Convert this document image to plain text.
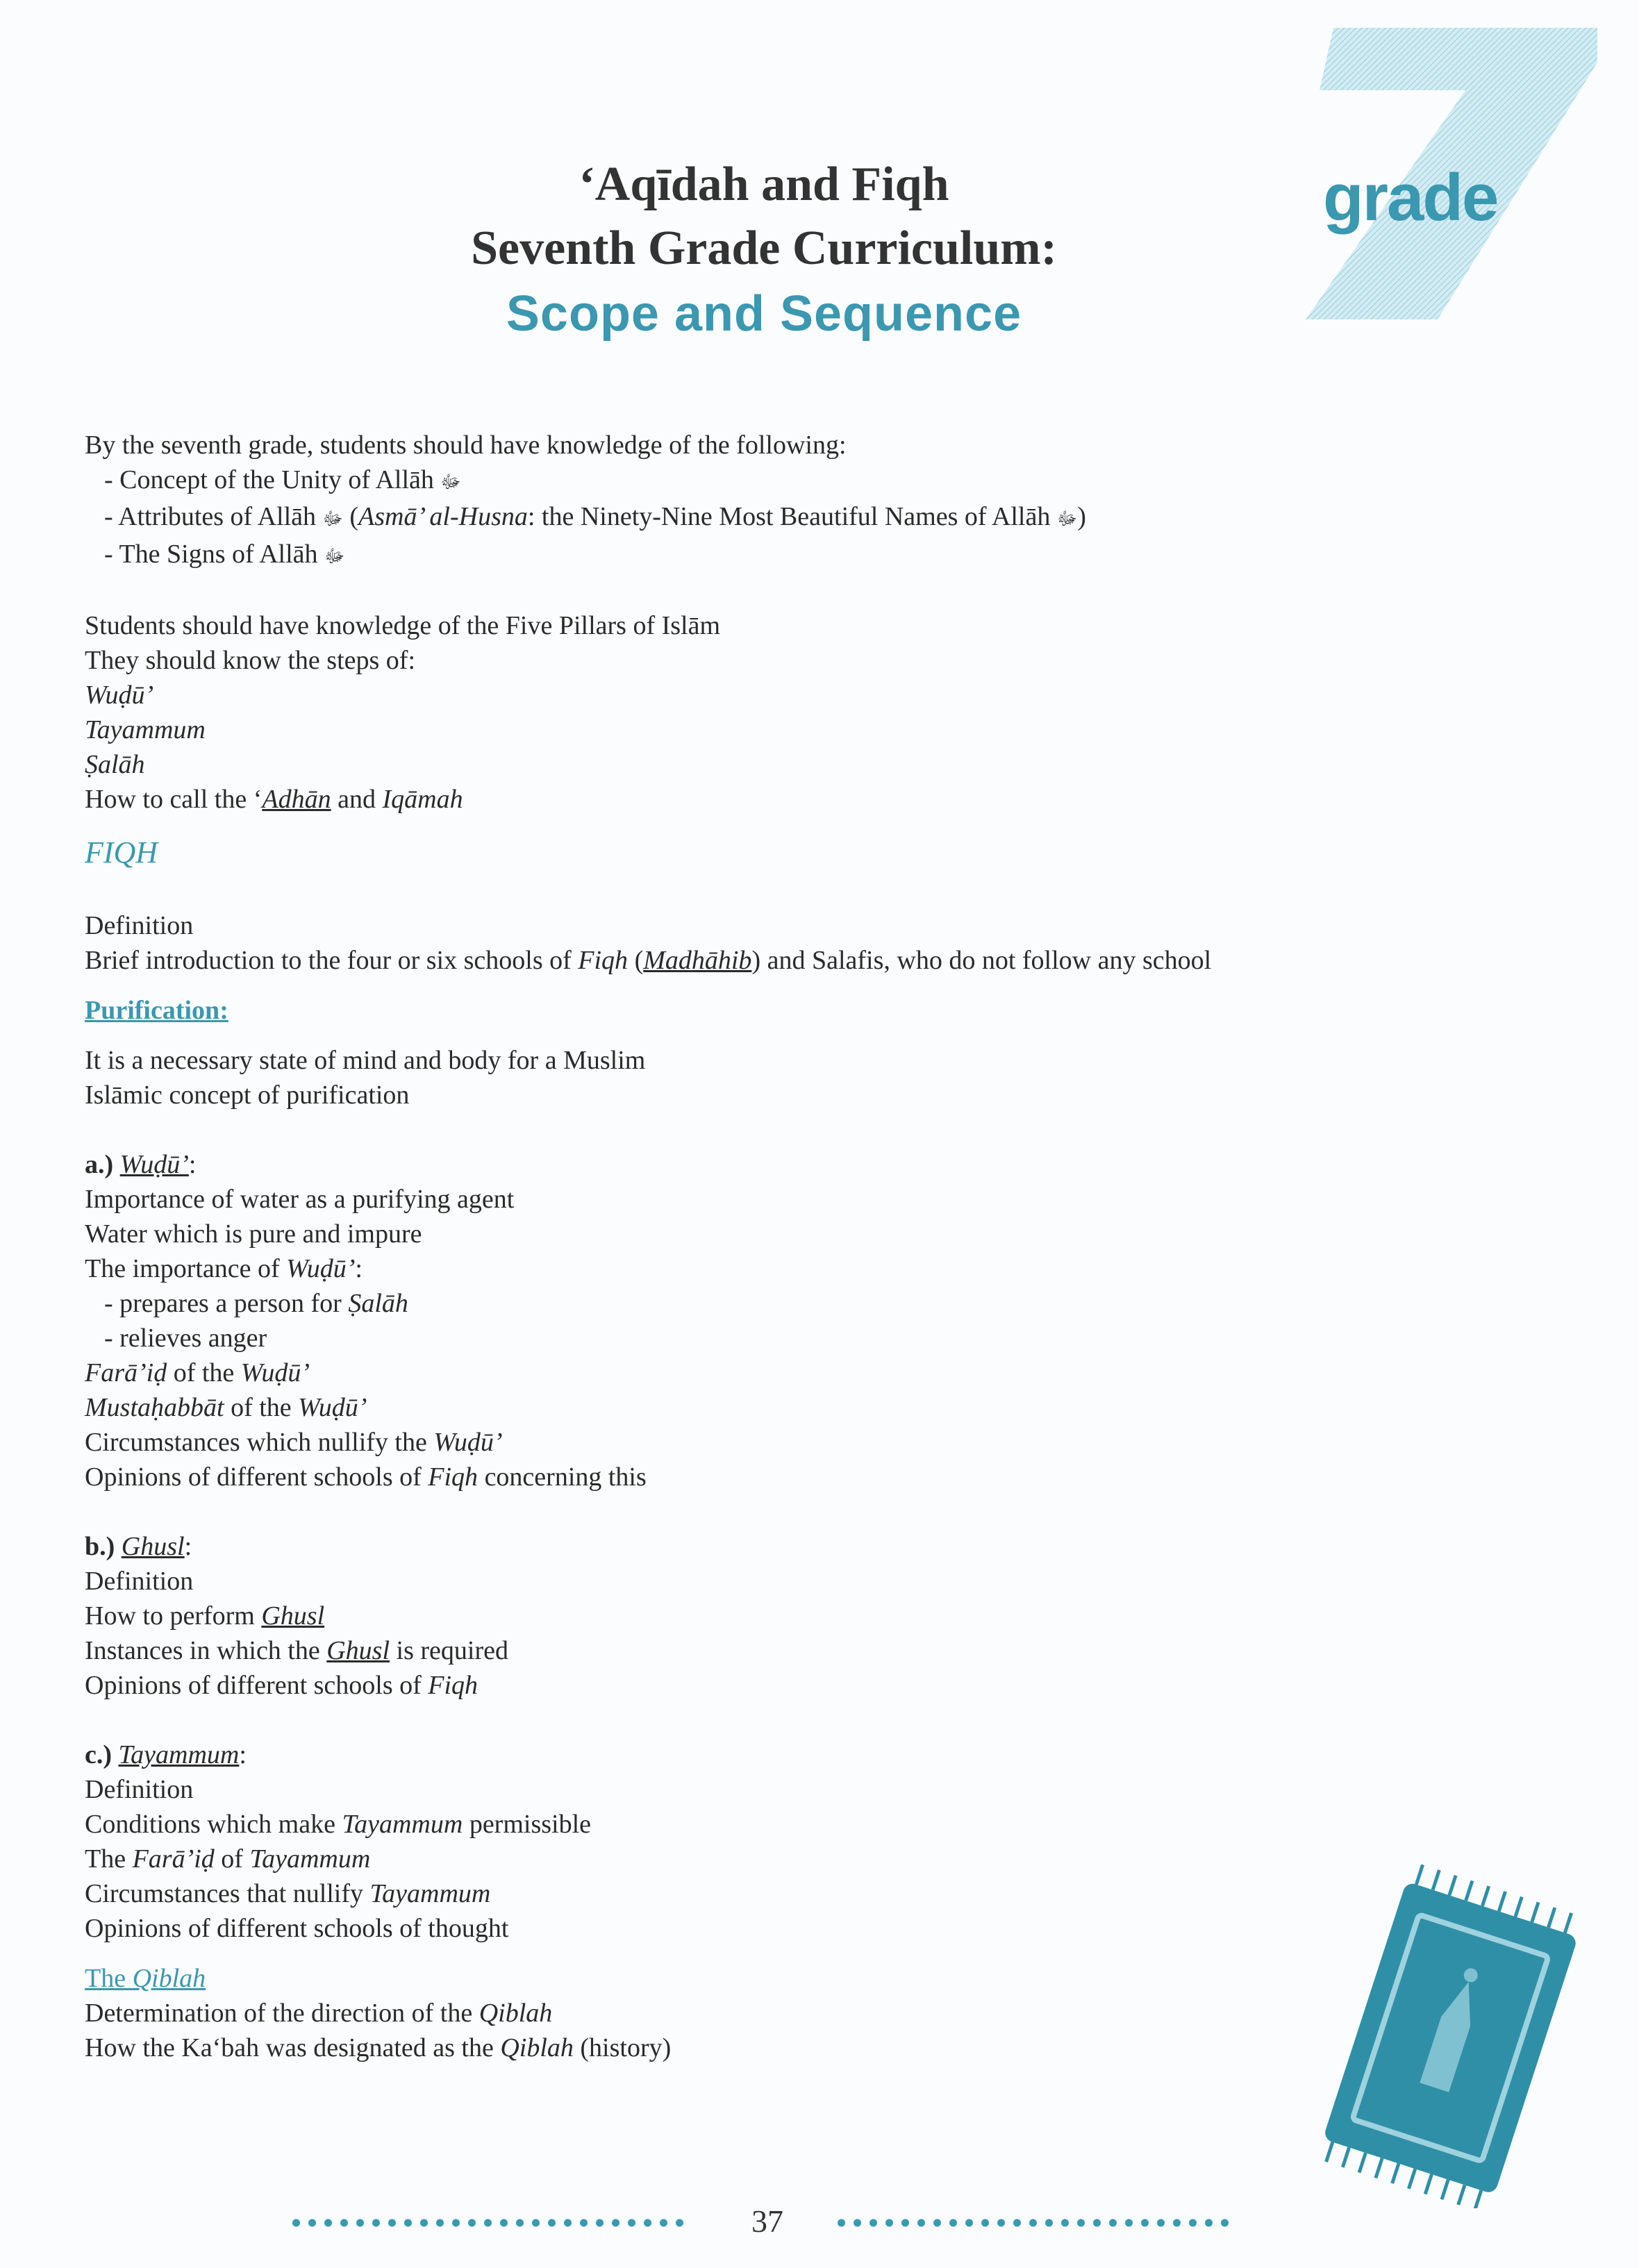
grade
‘Aqīdah and Fiqh
Seventh Grade Curriculum:
Scope and Sequence
By the seventh grade, students should have knowledge of the following:
- Concept of the Unity of Allāh ﷻ
- Attributes of Allāh ﷻ (Asmā’ al-Husna: the Ninety-Nine Most Beautiful Names of Allāh ﷻ)
- The Signs of Allāh ﷻ
Students should have knowledge of the Five Pillars of Islām
They should know the steps of:
Wuḍū’
Tayammum
Ṣalāh
How to call the ‘Adhān and Iqāmah
FIQH
Definition
Brief introduction to the four or six schools of Fiqh (Madhāhib) and Salafis, who do not follow any school
Purification:
It is a necessary state of mind and body for a Muslim
Islāmic concept of purification
a.) Wuḍū’:
Importance of water as a purifying agent
Water which is pure and impure
The importance of Wuḍū’:
- prepares a person for Ṣalāh
- relieves anger
Farā’iḍ of the Wuḍū’
Mustaḥabbāt of the Wuḍū’
Circumstances which nullify the Wuḍū’
Opinions of different schools of Fiqh concerning this
b.) Ghusl:
Definition
How to perform Ghusl
Instances in which the Ghusl is required
Opinions of different schools of Fiqh
c.) Tayammum:
Definition
Conditions which make Tayammum permissible
The Farā’iḍ of Tayammum
Circumstances that nullify Tayammum
Opinions of different schools of thought
The Qiblah
Determination of the direction of the Qiblah
How the Ka‘bah was designated as the Qiblah (history)
37
